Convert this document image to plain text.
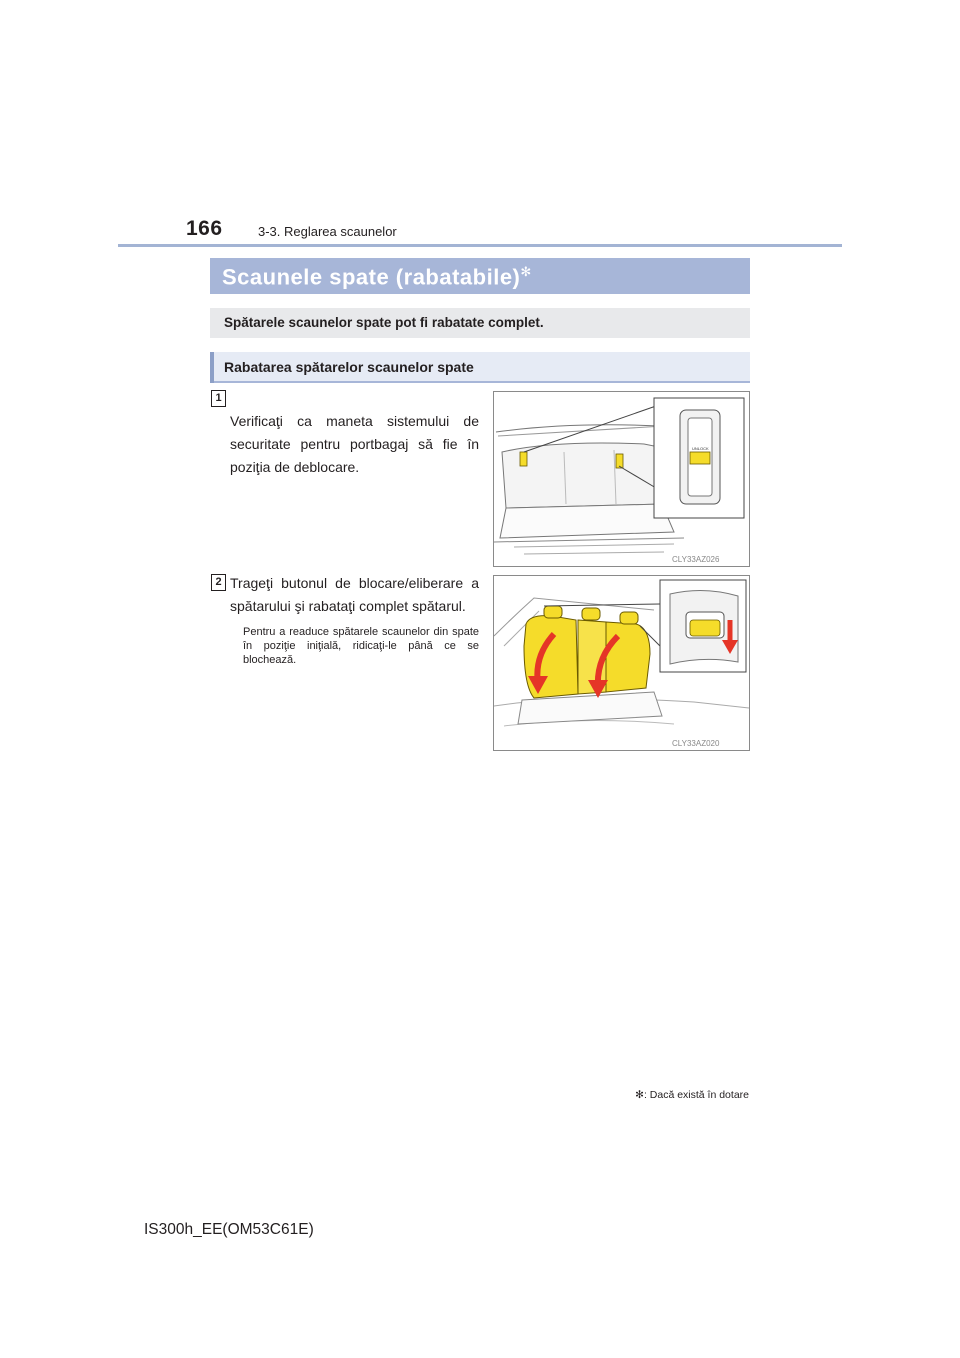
166	3-3. Reglarea scaunelor
Scaunele spate (rabatabile)✻
Spătarele scaunelor spate pot fi rabatate complet.
Rabatarea spătarelor scaunelor spate
1
Verificaţi ca maneta sistemului de securitate pentru portbagaj să fie în poziţia de deblocare.
UNLOCK
CLY33AZ026
2 Trageţi butonul de blocare/eliberare a spătarului şi rabataţi complet spătarul.
Pentru a readuce spătarele scaunelor din spate în poziţie iniţială, ridicaţi-le până ce se blochează.
CLY33AZ020
✻: Dacă există în dotare
IS300h_EE(OM53C61E)
